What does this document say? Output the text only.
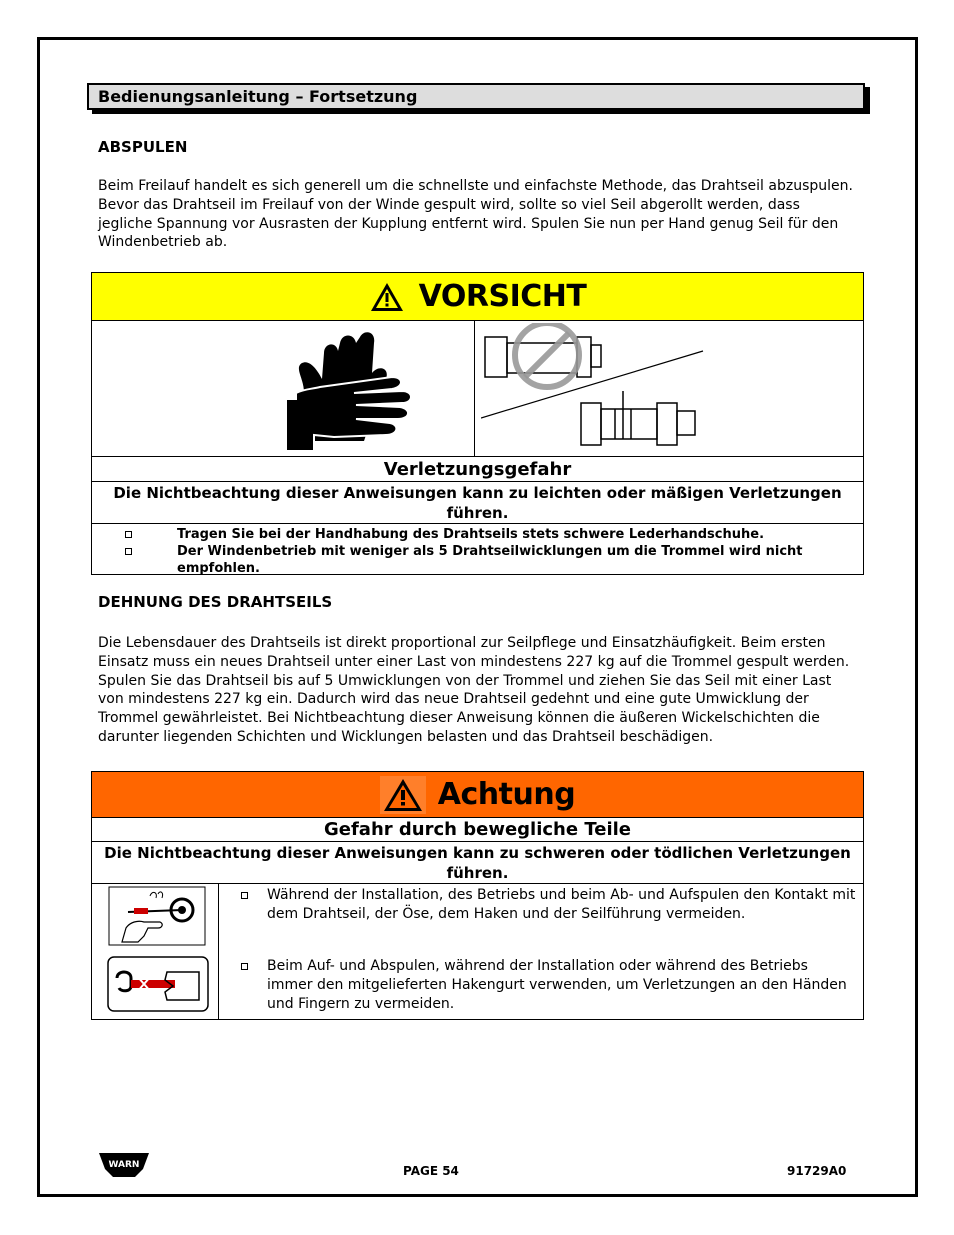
Bedienungsanleitung – Fortsetzung
ABSPULEN
Beim Freilauf handelt es sich generell um die schnellste und einfachste Methode, das Drahtseil abzuspulen. Bevor das Drahtseil im Freilauf von der Winde gespult wird, sollte so viel Seil abgerollt werden, dass jegliche Spannung vor Ausrasten der Kupplung entfernt wird. Spulen Sie nun per Hand genug Seil für den Windenbetrieb ab.
VORSICHT
Verletzungsgefahr
Die Nichtbeachtung dieser Anweisungen kann zu leichten oder mäßigen Verletzungen führen.
Tragen Sie bei der Handhabung des Drahtseils stets schwere Lederhandschuhe.
Der Windenbetrieb mit weniger als 5 Drahtseilwicklungen um die Trommel wird nicht empfohlen.
DEHNUNG DES DRAHTSEILS
Die Lebensdauer des Drahtseils ist direkt proportional zur Seilpflege und Einsatzhäufigkeit. Beim ersten Einsatz muss ein neues Drahtseil unter einer Last von mindestens 227 kg auf die Trommel gespult werden. Spulen Sie das Drahtseil bis auf 5 Umwicklungen von der Trommel und ziehen Sie das Seil mit einer Last von mindestens 227 kg ein. Dadurch wird das neue Drahtseil gedehnt und eine gute Umwicklung der Trommel gewährleistet. Bei Nichtbeachtung dieser Anweisung können die äußeren Wickelschichten die darunter liegenden Schichten und Wicklungen belasten und das Drahtseil beschädigen.
Achtung
Gefahr durch bewegliche Teile
Die Nichtbeachtung dieser Anweisungen kann zu schweren oder tödlichen Verletzungen führen.
Während der Installation, des Betriebs und beim Ab- und Aufspulen den Kontakt mit dem Drahtseil, der Öse, dem Haken und der Seilführung vermeiden.
Beim Auf- und Abspulen, während der Installation oder während des Betriebs immer den mitgelieferten Hakengurt verwenden, um Verletzungen an den Händen und Fingern zu vermeiden.
WARN	PAGE 54	91729A0
